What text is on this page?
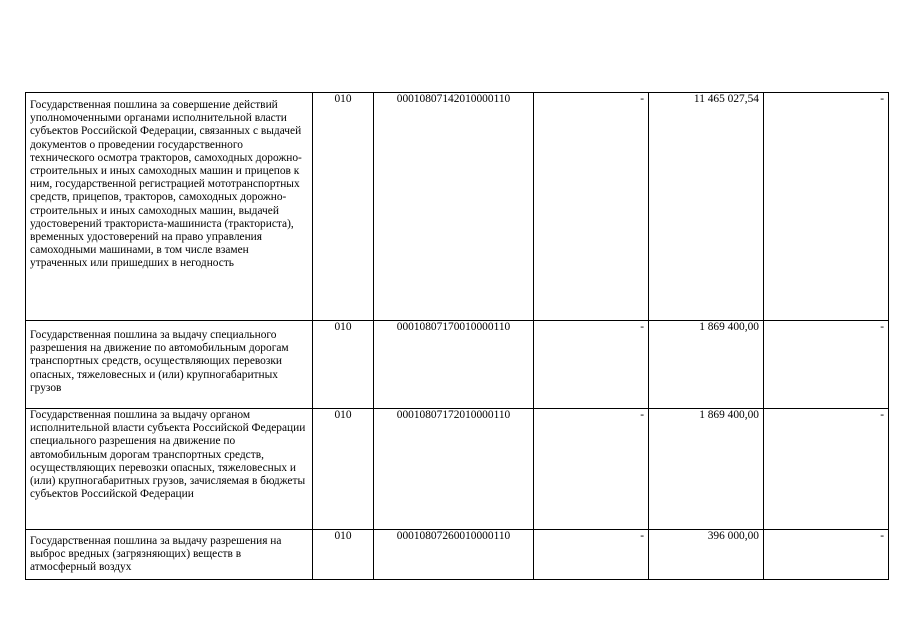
Государственная пошлина за совершение действий уполномоченными органами исполнительной власти субъектов Российской Федерации, связанных с выдачей документов о проведении государственного технического осмотра тракторов, самоходных дорожно-строительных и иных самоходных машин и прицепов к ним, государственной регистрацией мототранспортных средств, прицепов, тракторов, самоходных дорожно-строительных и иных самоходных машин, выдачей удостоверений тракториста-машиниста (тракториста), временных удостоверений на право управления самоходными машинами, в том числе взамен утраченных или пришедших в негодность	010	00010807142010000110	-	11 465 027,54	-

Государственная пошлина за выдачу специального разрешения на движение по автомобильным дорогам транспортных средств, осуществляющих перевозки опасных, тяжеловесных и (или) крупногабаритных грузов	010	00010807170010000110	-	1 869 400,00	-

Государственная пошлина за выдачу органом исполнительной власти субъекта Российской Федерации специального разрешения на движение по автомобильным дорогам транспортных средств, осуществляющих перевозки опасных, тяжеловесных и (или) крупногабаритных грузов, зачисляемая в бюджеты субъектов Российской Федерации	010	00010807172010000110	-	1 869 400,00	-

Государственная пошлина за выдачу разрешения на выброс вредных (загрязняющих) веществ в атмосферный воздух	010	00010807260010000110	-	396 000,00	-
